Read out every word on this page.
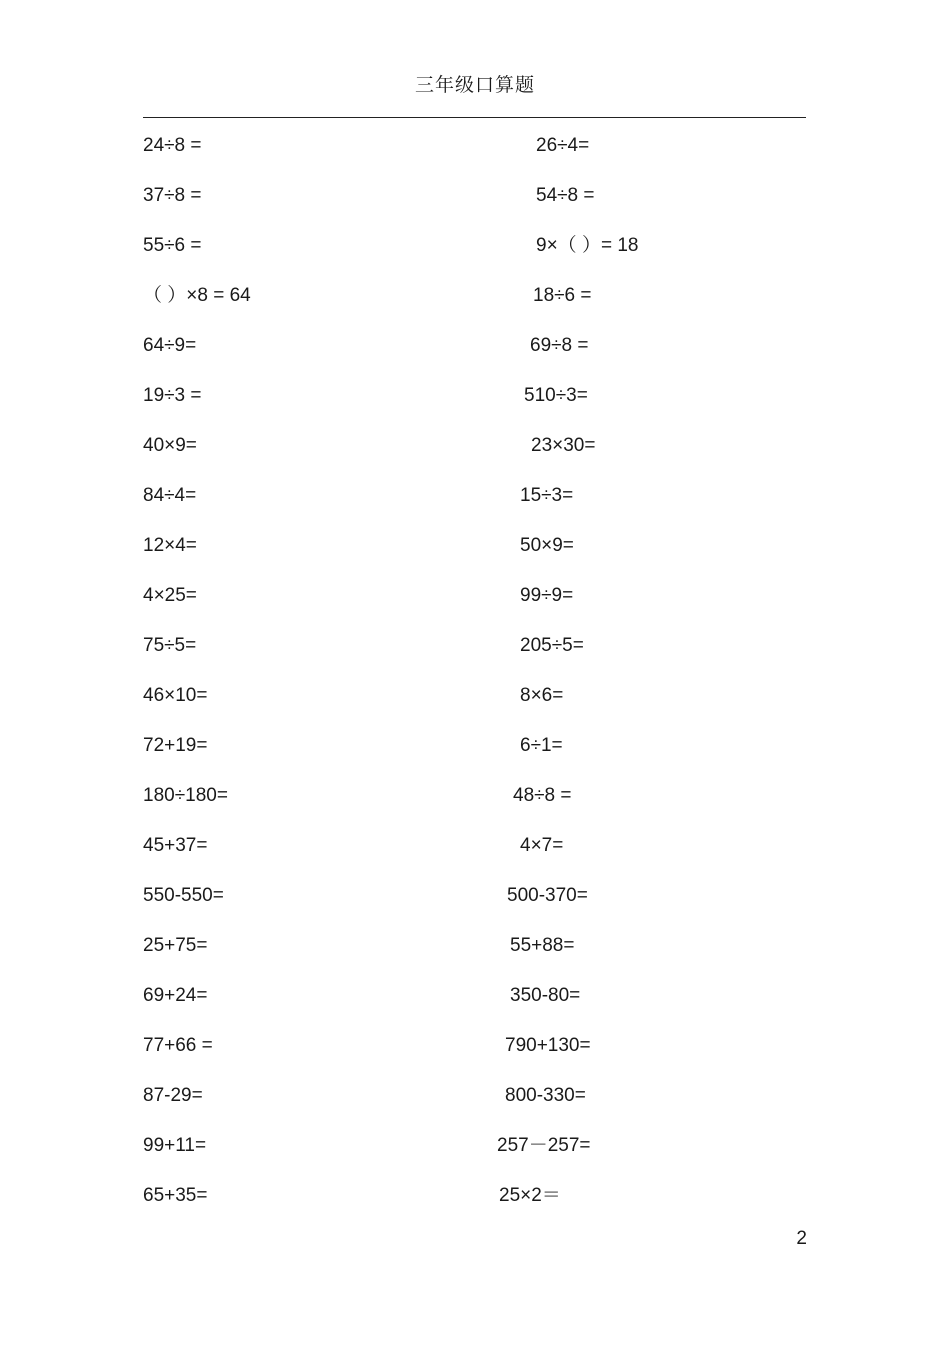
三年级口算题
24÷8 =	26÷4=
37÷8 =	54÷8 =
55÷6 =	9×（ ）= 18
（ ）×8 = 64	18÷6 =
64÷9=	69÷8 =
19÷3 =	510÷3=
40×9=	23×30=
84÷4=	15÷3=
12×4=	50×9=
4×25=	99÷9=
75÷5=	205÷5=
46×10=	8×6=
72+19=	6÷1=
180÷180=	48÷8 =
45+37=	4×7=
550-550=	500-370=
25+75=	55+88=
69+24=	350-80=
77+66 =	790+130=
87-29=	800-330=
99+11=	257－257=
65+35=	25×2＝
2
